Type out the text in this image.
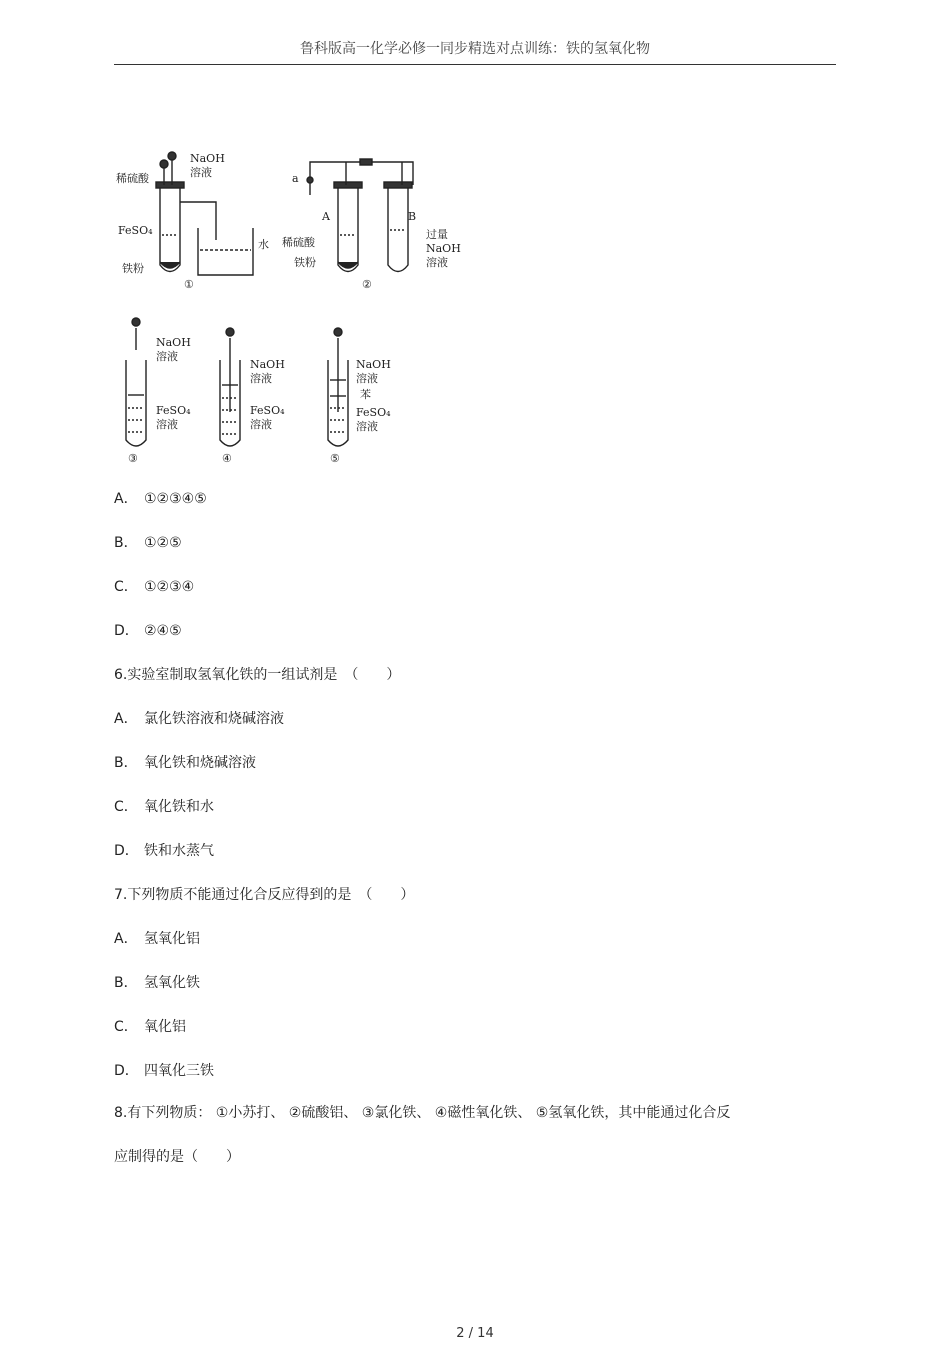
鲁科版高一化学必修一同步精选对点训练：铁的氢氧化物
NaOH
溶液
稀硫酸
FeSO₄
铁粉
水
①
a
A	B
稀硫酸
铁粉
过量
NaOH
溶液
②
NaOH
溶液
FeSO₄
溶液
③
NaOH
溶液
FeSO₄
溶液
④
NaOH
溶液
苯
FeSO₄
溶液
⑤
A． ①②③④⑤
B． ①②⑤
C． ①②③④
D． ②④⑤
6.实验室制取氢氧化铁的一组试剂是　（　　）
A． 氯化铁溶液和烧碱溶液
B． 氧化铁和烧碱溶液
C． 氧化铁和水
D． 铁和水蒸气
7.下列物质不能通过化合反应得到的是　（　　）
A． 氢氧化铝
B． 氢氧化铁
C． 氧化铝
D． 四氧化三铁
8.有下列物质： ①小苏打、 ②硫酸铝、 ③氯化铁、 ④磁性氧化铁、 ⑤氢氧化铁，其中能通过化合反
应制得的是（　　）
2 / 14
